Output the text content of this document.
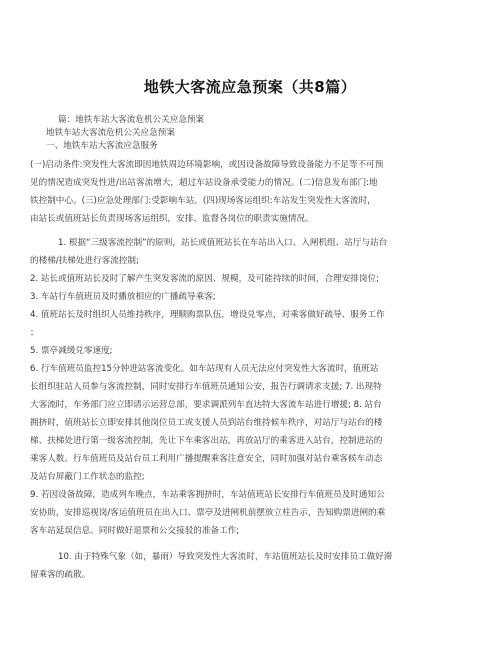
地铁大客流应急预案（共8篇）
篇：地铁车站大客流危机公关应急预案
地铁车站大客流危机公关应急预案
一、地铁车站大客流应急服务
(一)启动条件:突发性大客流即因地铁周边环境影响，或因设备故障导致设备能力不足等不可预
见的情况造成突发性进/出站客流增大，超过车站设备承受能力的情况。(二)信息发布部门:地
铁控制中心。(三)应急处理部门:受影响车站。(四)现场客运组织:车站发生突发性大客流时，
由站长或值班站长负责现场客运组织，安排、监督各岗位的职责实施情况。
1. 根据“三级客流控制”的原则，站长或值班站长在车站出入口、入闸机组、站厅与站台
的楼梯/扶梯处进行客流控制;
2. 站长或值班站长及时了解产生突发客流的原因、规模，及可能持续的时间，合理安排岗位;
3. 车站行车值班员及时播放相应的广播疏导乘客;
4. 值班站长及时组织人员维持秩序，理顺购票队伍，增设兑零点，对乘客做好疏导、服务工作
；
5. 票亭减缓兑零速度;
6. 行车值班员监控15分钟进站客流变化。如车站现有人员无法应付突发性大客流时，值班站
长组织驻站人员参与客流控制，同时安排行车值班员通知公安，报告行调请求支援; 7. 出现特
大客流时，车务部门应立即请示运营总部，要求调派列车直达特大客流车站进行增援; 8. 站台
拥挤时，值班站长立即安排其他岗位员工或支援人员到站台维持候车秩序，对站厅与站台的楼
梯、扶梯处进行第一级客流控制，先让下车乘客出站，再放站厅的乘客进入站台，控制进站的
乘客人数。行车值班员及站台员工利用广播提醒乘客注意安全，同时加强对站台乘客候车动态
及站台屏蔽门工作状态的监控;
9. 若因设备故障，造成列车晚点，车站乘客拥挤时，车站值班站长安排行车值班员及时通知公
安协助，安排巡视岗/客运值班员在出入口、票亭及进闸机前摆放立柱告示，告知购票进闸的乘
客车站延误信息。同时做好退票和公交接驳的准备工作;
10. 由于特殊气象（如，暴雨）导致突发性大客流时，车站值班站长及时安排员工做好滞
留乘客的疏散。
